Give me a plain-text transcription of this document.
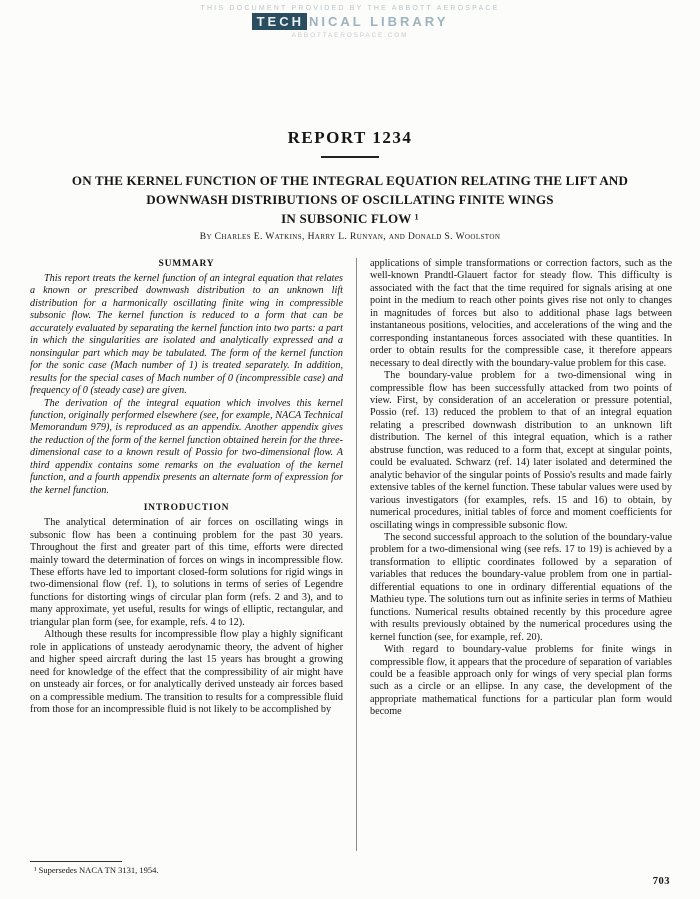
THIS DOCUMENT PROVIDED BY THE ABBOTT AEROSPACE
TECH NICAL LIBRARY
ABBOTTAEROSPACE.COM
REPORT 1234
ON THE KERNEL FUNCTION OF THE INTEGRAL EQUATION RELATING THE LIFT AND
DOWNWASH DISTRIBUTIONS OF OSCILLATING FINITE WINGS
IN SUBSONIC FLOW ¹
By Charles E. Watkins, Harry L. Runyan, and Donald S. Woolston
SUMMARY

This report treats the kernel function of an integral equation that relates a known or prescribed downwash distribution to an unknown lift distribution for a harmonically oscillating finite wing in compressible subsonic flow. The kernel function is reduced to a form that can be accurately evaluated by separating the kernel function into two parts: a part in which the singularities are isolated and analytically expressed and a nonsingular part which may be tabulated. The form of the kernel function for the sonic case (Mach number of 1) is treated separately. In addition, results for the special cases of Mach number of 0 (incompressible case) and frequency of 0 (steady case) are given.

The derivation of the integral equation which involves this kernel function, originally performed elsewhere (see, for example, NACA Technical Memorandum 979), is reproduced as an appendix. Another appendix gives the reduction of the form of the kernel function obtained herein for the three-dimensional case to a known result of Possio for two-dimensional flow. A third appendix contains some remarks on the evaluation of the kernel function, and a fourth appendix presents an alternate form of expression for the kernel function.

INTRODUCTION

The analytical determination of air forces on oscillating wings in subsonic flow has been a continuing problem for the past 30 years. Throughout the first and greater part of this time, efforts were directed mainly toward the determination of forces on wings in incompressible flow. These efforts have led to important closed-form solutions for rigid wings in two-dimensional flow (ref. 1), to solutions in terms of series of Legendre functions for distorting wings of circular plan form (refs. 2 and 3), and to many approximate, yet useful, results for wings of elliptic, rectangular, and triangular plan form (see, for example, refs. 4 to 12).

Although these results for incompressible flow play a highly significant role in applications of unsteady aerodynamic theory, the advent of higher and higher speed aircraft during the last 15 years has brought a growing need for knowledge of the effect that the compressibility of air might have on unsteady air forces, or for analytically derived unsteady air forces based on a compressible medium. The transition to results for a compressible fluid from those for an incompressible fluid is not likely to be accomplished by

applications of simple transformations or correction factors, such as the well-known Prandtl-Glauert factor for steady flow. This difficulty is associated with the fact that the time required for signals arising at one point in the medium to reach other points gives rise not only to changes in magnitudes of forces but also to additional phase lags between instantaneous positions, velocities, and accelerations of the wing and the corresponding instantaneous forces associated with these quantities. In order to obtain results for the compressible case, it therefore appears necessary to deal directly with the boundary-value problem for this case.

The boundary-value problem for a two-dimensional wing in compressible flow has been successfully attacked from two points of view. First, by consideration of an acceleration or pressure potential, Possio (ref. 13) reduced the problem to that of an integral equation relating a prescribed downwash distribution to an unknown lift distribution. The kernel of this integral equation, which is a rather abstruse function, was reduced to a form that, except at singular points, could be evaluated. Schwarz (ref. 14) later isolated and determined the analytic behavior of the singular points of Possio's results and made fairly extensive tables of the kernel function. These tabular values were used by various investigators (for examples, refs. 15 and 16) to obtain, by numerical procedures, initial tables of force and moment coefficients for oscillating wings in compressible subsonic flow.

The second successful approach to the solution of the boundary-value problem for a two-dimensional wing (see refs. 17 to 19) is achieved by a transformation to elliptic coordinates followed by a separation of variables that reduces the boundary-value problem from one in partial-differential equations to one in ordinary differential equations of the Mathieu type. The solutions turn out as infinite series in terms of Mathieu functions. Numerical results obtained recently by this procedure agree with results previously obtained by the numerical procedures using the kernel function (see, for example, ref. 20).

With regard to boundary-value problems for finite wings in compressible flow, it appears that the procedure of separation of variables could be a feasible approach only for wings of very special plan forms such as a circle or an ellipse. In any case, the development of the appropriate mathematical functions for a particular plan form would become

¹ Supersedes NACA TN 3131, 1954.
703
